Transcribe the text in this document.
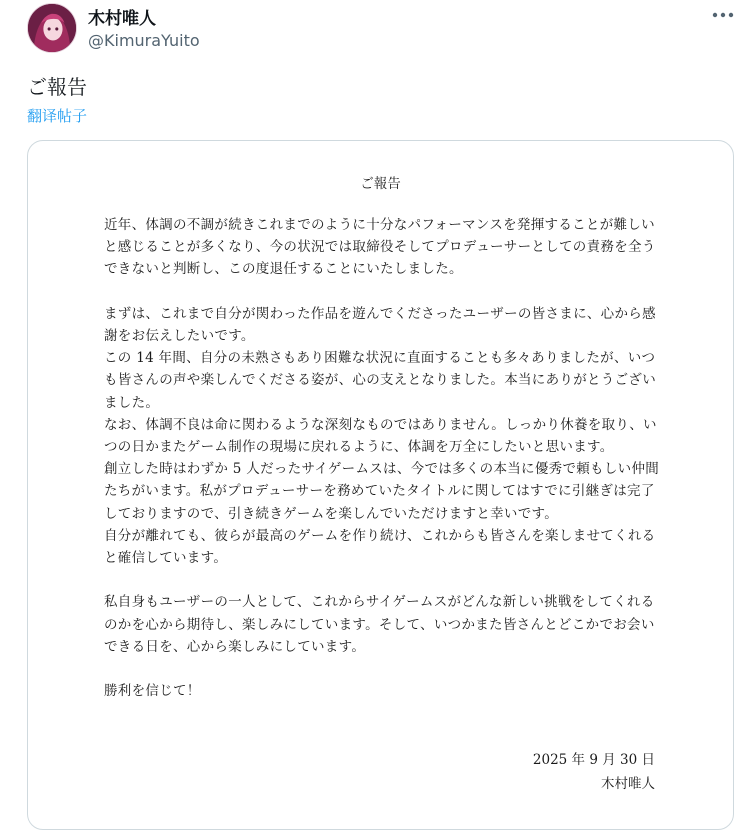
木村唯人
@KimuraYuito
ご報告
翻译帖子
ご報告

近年、体調の不調が続きこれまでのように十分なパフォーマンスを発揮することが難しいと感じることが多くなり、今の状況では取締役そしてプロデューサーとしての責務を全うできないと判断し、この度退任することにいたしました。

まずは、これまで自分が関わった作品を遊んでくださったユーザーの皆さまに、心から感謝をお伝えしたいです。

この 14 年間、自分の未熟さもあり困難な状況に直面することも多々ありましたが、いつも皆さんの声や楽しんでくださる姿が、心の支えとなりました。本当にありがとうございました。

なお、体調不良は命に関わるような深刻なものではありません。しっかり休養を取り、いつの日かまたゲーム制作の現場に戻れるように、体調を万全にしたいと思います。

創立した時はわずか 5 人だったサイゲームスは、今では多くの本当に優秀で頼もしい仲間たちがいます。私がプロデューサーを務めていたタイトルに関してはすでに引継ぎは完了しておりますので、引き続きゲームを楽しんでいただけますと幸いです。

自分が離れても、彼らが最高のゲームを作り続け、これからも皆さんを楽しませてくれると確信しています。

私自身もユーザーの一人として、これからサイゲームスがどんな新しい挑戦をしてくれるのかを心から期待し、楽しみにしています。そして、いつかまた皆さんとどこかでお会いできる日を、心から楽しみにしています。

勝利を信じて！

2025 年 9 月 30 日
木村唯人
